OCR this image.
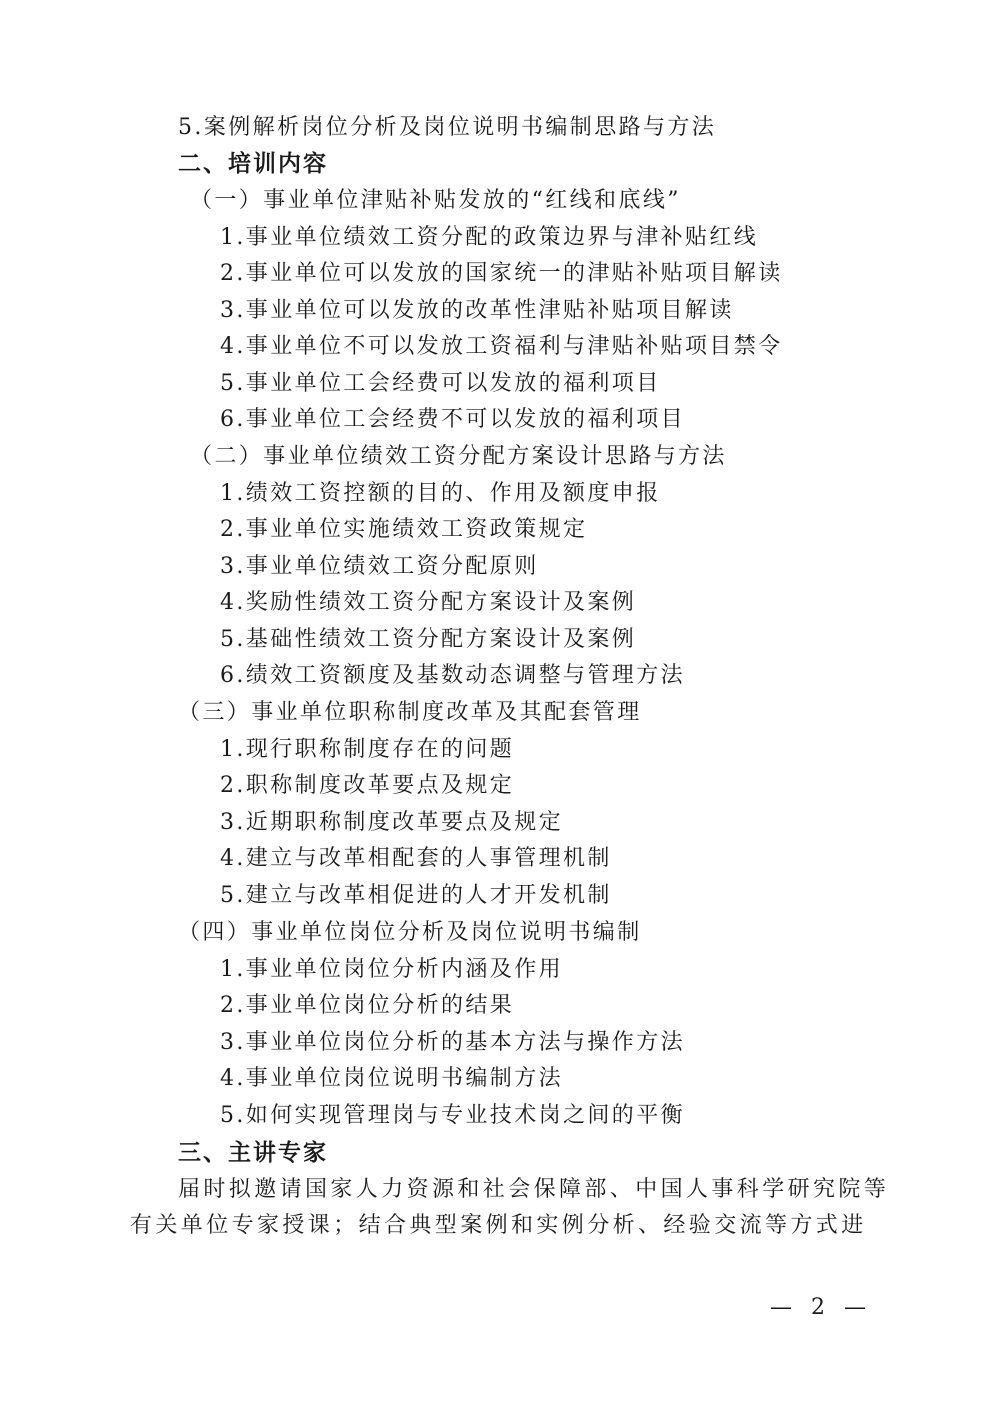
5.案例解析岗位分析及岗位说明书编制思路与方法
二、培训内容
（一）事业单位津贴补贴发放的“红线和底线”
1.事业单位绩效工资分配的政策边界与津补贴红线
2.事业单位可以发放的国家统一的津贴补贴项目解读
3.事业单位可以发放的改革性津贴补贴项目解读
4.事业单位不可以发放工资福利与津贴补贴项目禁令
5.事业单位工会经费可以发放的福利项目
6.事业单位工会经费不可以发放的福利项目
（二）事业单位绩效工资分配方案设计思路与方法
1.绩效工资控额的目的、作用及额度申报
2.事业单位实施绩效工资政策规定
3.事业单位绩效工资分配原则
4.奖励性绩效工资分配方案设计及案例
5.基础性绩效工资分配方案设计及案例
6.绩效工资额度及基数动态调整与管理方法
（三）事业单位职称制度改革及其配套管理
1.现行职称制度存在的问题
2.职称制度改革要点及规定
3.近期职称制度改革要点及规定
4.建立与改革相配套的人事管理机制
5.建立与改革相促进的人才开发机制
（四）事业单位岗位分析及岗位说明书编制
1.事业单位岗位分析内涵及作用
2.事业单位岗位分析的结果
3.事业单位岗位分析的基本方法与操作方法
4.事业单位岗位说明书编制方法
5.如何实现管理岗与专业技术岗之间的平衡
三、主讲专家
届时拟邀请国家人力资源和社会保障部、中国人事科学研究院等
有关单位专家授课；结合典型案例和实例分析、经验交流等方式进
— 2 —
